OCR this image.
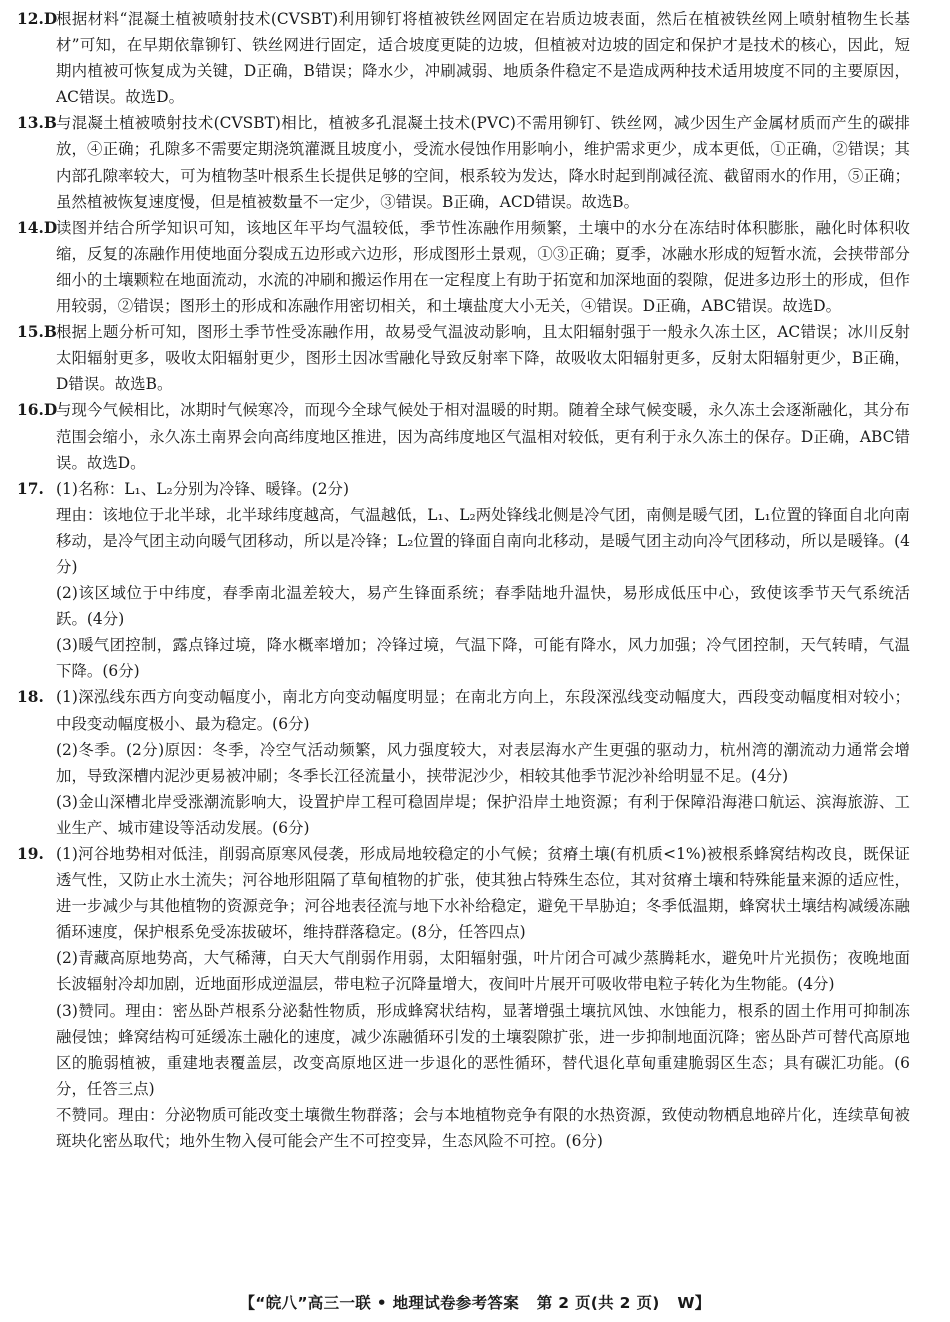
12.D
根据材料“混凝土植被喷射技术(CVSBT)利用铆钉将植被铁丝网固定在岩质边坡表面，然后在植被铁丝网上喷射植物生长基材”可知，在早期依靠铆钉、铁丝网进行固定，适合坡度更陡的边坡，但植被对边坡的固定和保护才是技术的核心，因此，短期内植被可恢复成为关键，D正确，B错误；降水少，冲刷减弱、地质条件稳定不是造成两种技术适用坡度不同的主要原因，AC错误。故选D。
13.B 与混凝土植被喷射技术(CVSBT)相比，植被多孔混凝土技术(PVC)不需用铆钉、铁丝网，减少因生产金属材质而产生的碳排放，④正确；孔隙多不需要定期浇筑灌溉且坡度小，受流水侵蚀作用影响小，维护需求更少，成本更低，①正确，②错误；其内部孔隙率较大，可为植物茎叶根系生长提供足够的空间，根系较为发达，降水时起到削减径流、截留雨水的作用，⑤正确；虽然植被恢复速度慢，但是植被数量不一定少，③错误。B正确，ACD错误。故选B。
14.D
读图并结合所学知识可知，该地区年平均气温较低，季节性冻融作用频繁，土壤中的水分在冻结时体积膨胀，融化时体积收缩，反复的冻融作用使地面分裂成五边形或六边形，形成图形土景观，①③正确；夏季，冰融水形成的短暂水流，会挟带部分细小的土壤颗粒在地面流动，水流的冲刷和搬运作用在一定程度上有助于拓宽和加深地面的裂隙，促进多边形土的形成，但作用较弱，②错误；图形土的形成和冻融作用密切相关，和土壤盐度大小无关，④错误。D正确，ABC错误。故选D。
15.B 根据上题分析可知，图形土季节性受冻融作用，故易受气温波动影响，且太阳辐射强于一般永久冻土区，AC错误；冰川反射太阳辐射更多，吸收太阳辐射更少，图形土因冰雪融化导致反射率下降，故吸收太阳辐射更多，反射太阳辐射更少，B正确，D错误。故选B。
16.D
与现今气候相比，冰期时气候寒冷，而现今全球气候处于相对温暖的时期。随着全球气候变暖，永久冻土会逐渐融化，其分布范围会缩小，永久冻土南界会向高纬度地区推进，因为高纬度地区气温相对较低，更有利于永久冻土的保存。D正确，ABC错误。故选D。
17. (1)名称：L₁、L₂分别为冷锋、暖锋。(2分)
理由：该地位于北半球，北半球纬度越高，气温越低，L₁、L₂两处锋线北侧是冷气团，南侧是暖气团，L₁位置的锋面自北向南移动，是冷气团主动向暖气团移动，所以是冷锋；L₂位置的锋面自南向北移动，是暖气团主动向冷气团移动，所以是暖锋。(4分)
(2)该区域位于中纬度，春季南北温差较大，易产生锋面系统；春季陆地升温快，易形成低压中心，致使该季节天气系统活跃。(4分)
(3)暖气团控制，露点锋过境，降水概率增加；冷锋过境，气温下降，可能有降水，风力加强；冷气团控制，天气转晴，气温下降。(6分)
18. (1)深泓线东西方向变动幅度小，南北方向变动幅度明显；在南北方向上，东段深泓线变动幅度大，西段变动幅度相对较小；中段变动幅度极小、最为稳定。(6分)
(2)冬季。(2分)原因：冬季，冷空气活动频繁，风力强度较大，对表层海水产生更强的驱动力，杭州湾的潮流动力通常会增加，导致深槽内泥沙更易被冲刷；冬季长江径流量小，挟带泥沙少，相较其他季节泥沙补给明显不足。(4分)
(3)金山深槽北岸受涨潮流影响大，设置护岸工程可稳固岸堤；保护沿岸土地资源；有利于保障沿海港口航运、滨海旅游、工业生产、城市建设等活动发展。(6分)
19. (1)河谷地势相对低洼，削弱高原寒风侵袭，形成局地较稳定的小气候；贫瘠土壤(有机质<1%)被根系蜂窝结构改良，既保证透气性，又防止水土流失；河谷地形阻隔了草甸植物的扩张，使其独占特殊生态位，其对贫瘠土壤和特殊能量来源的适应性，进一步减少与其他植物的资源竞争；河谷地表径流与地下水补给稳定，避免干旱胁迫；冬季低温期，蜂窝状土壤结构减缓冻融循环速度，保护根系免受冻拔破坏，维持群落稳定。(8分，任答四点)
(2)青藏高原地势高，大气稀薄，白天大气削弱作用弱，太阳辐射强，叶片闭合可减少蒸腾耗水，避免叶片光损伤；夜晚地面长波辐射冷却加剧，近地面形成逆温层，带电粒子沉降量增大，夜间叶片展开可吸收带电粒子转化为生物能。(4分)
(3)赞同。理由：密丛卧芦根系分泌黏性物质，形成蜂窝状结构，显著增强土壤抗风蚀、水蚀能力，根系的固土作用可抑制冻融侵蚀；蜂窝结构可延缓冻土融化的速度，减少冻融循环引发的土壤裂隙扩张，进一步抑制地面沉降；密丛卧芦可替代高原地区的脆弱植被，重建地表覆盖层，改变高原地区进一步退化的恶性循环，替代退化草甸重建脆弱区生态；具有碳汇功能。(6分，任答三点)
不赞同。理由：分泌物质可能改变土壤微生物群落；会与本地植物竞争有限的水热资源，致使动物栖息地碎片化，连续草甸被斑块化密丛取代；地外生物入侵可能会产生不可控变异，生态风险不可控。(6分)
【“皖八”高三一联 • 地理试卷参考答案 第 2 页(共 2 页) W】
